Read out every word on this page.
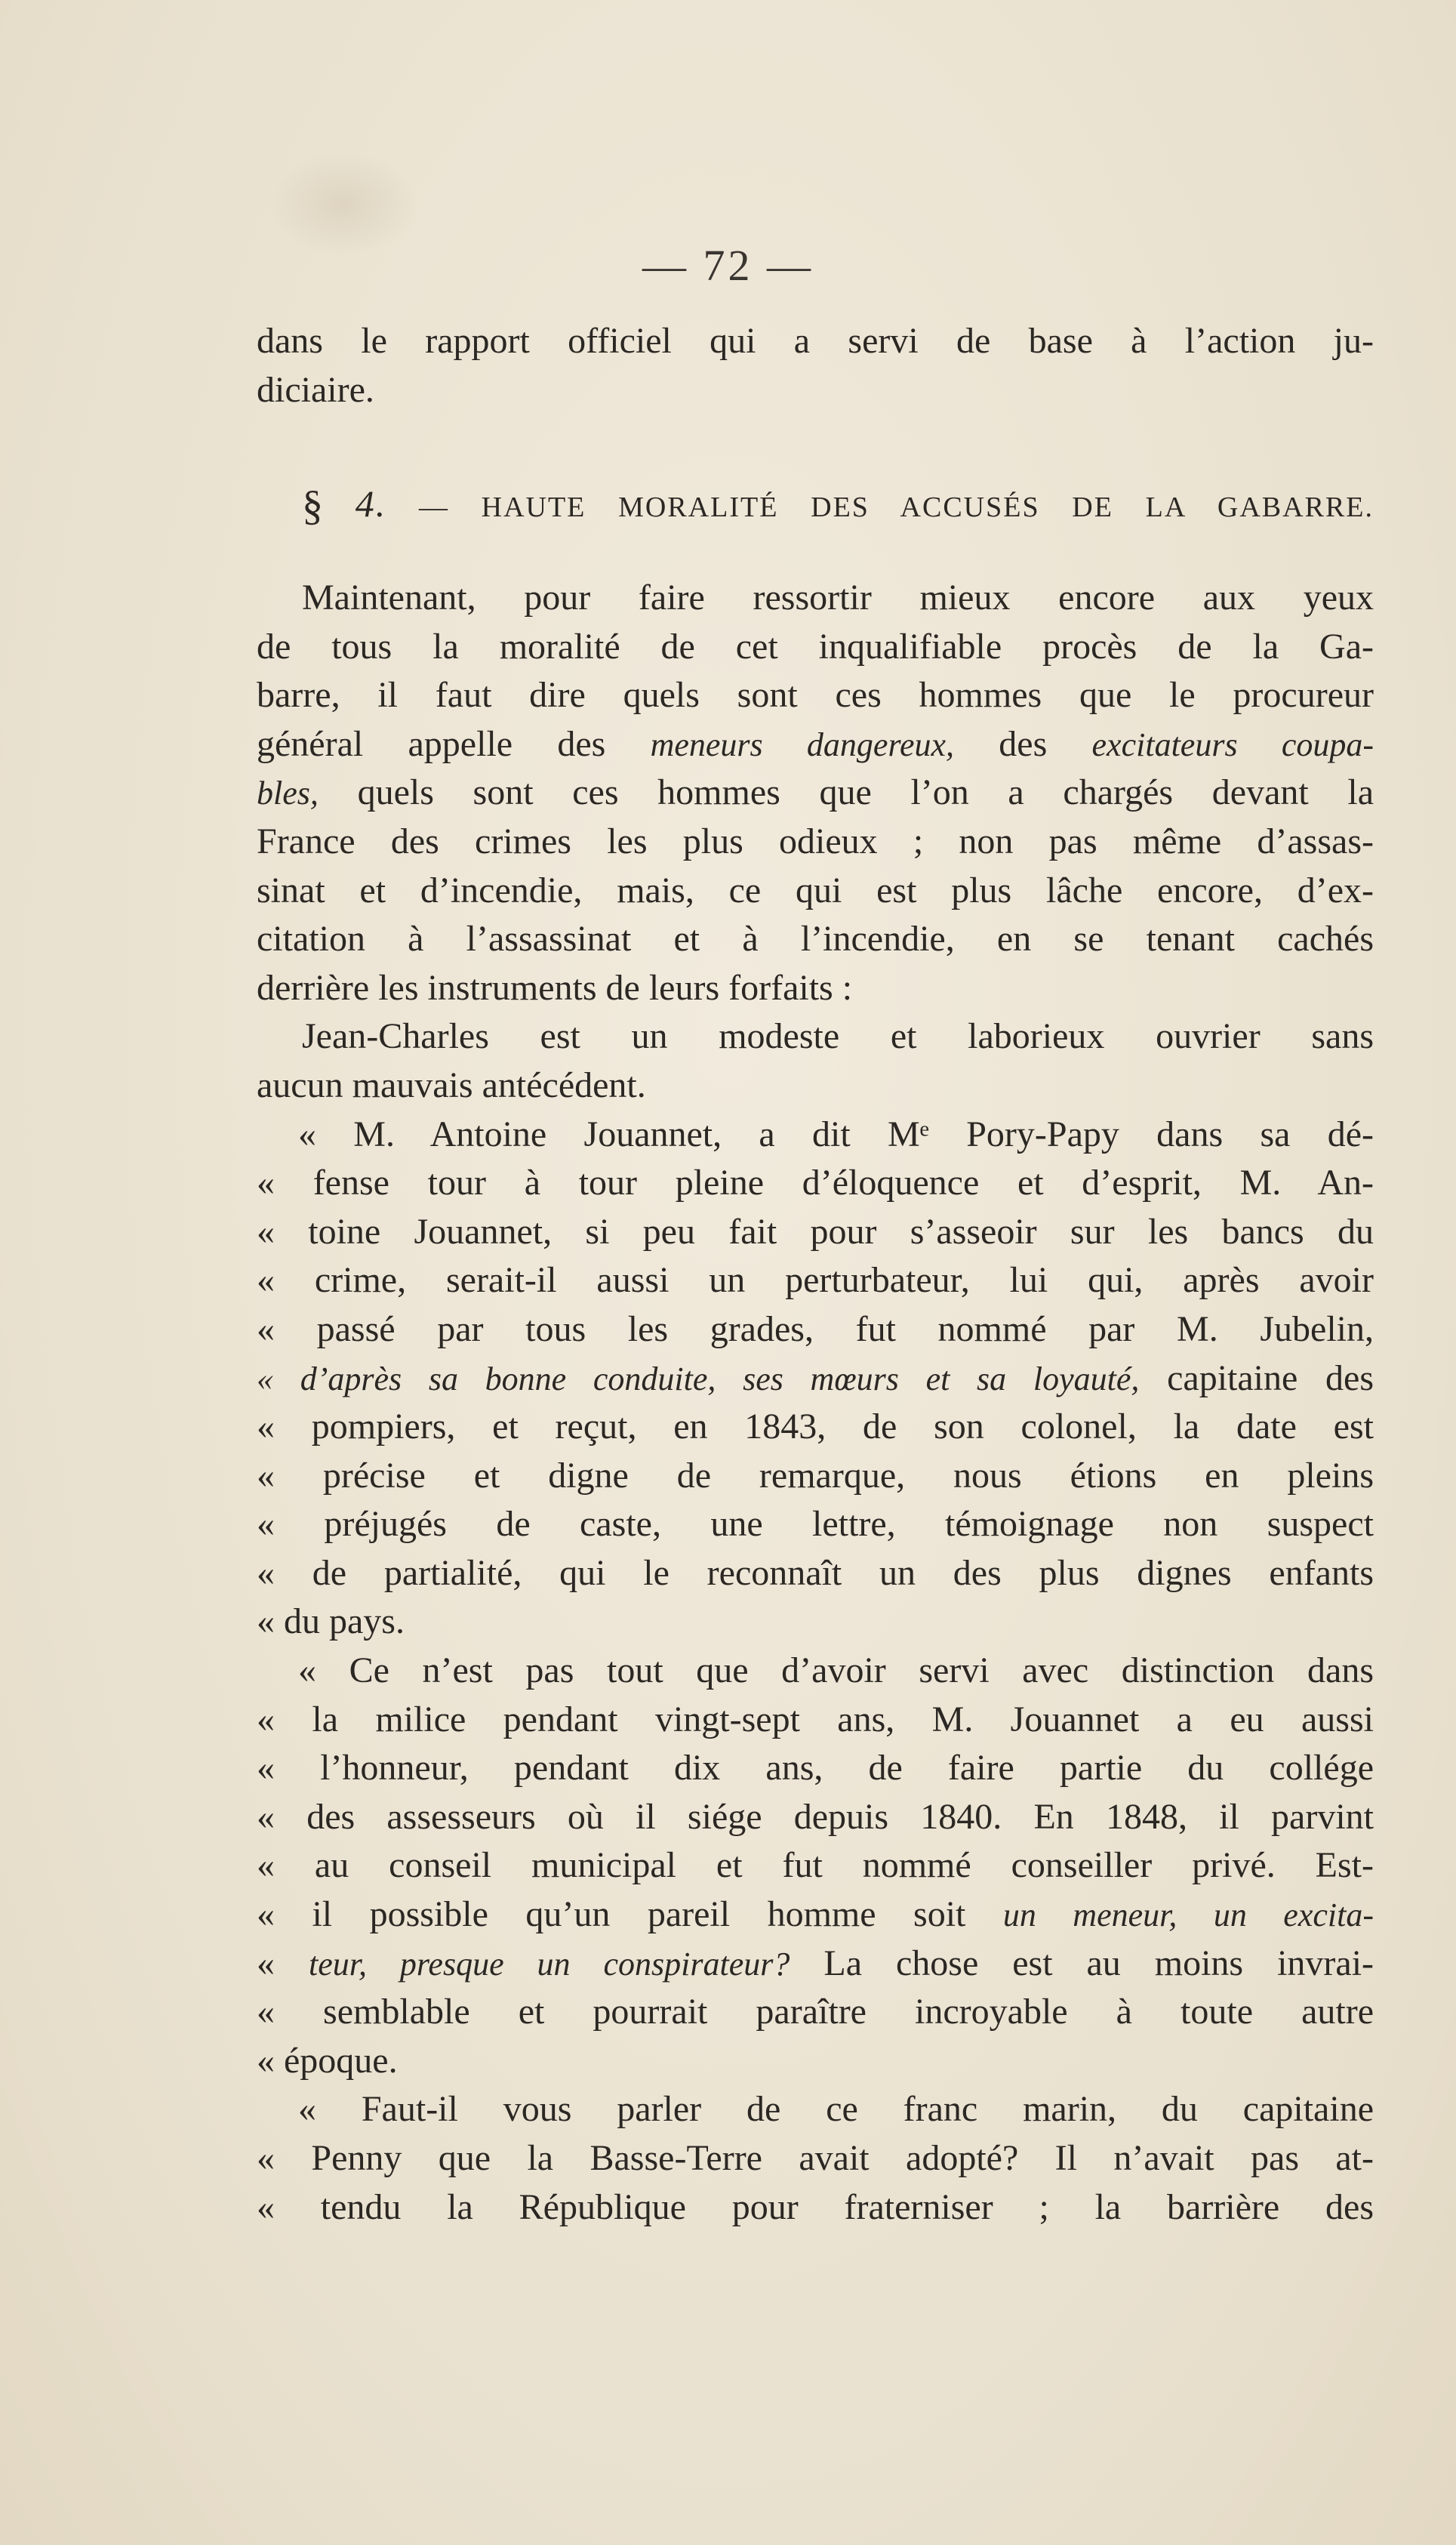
— 72 —
dans le rapport officiel qui a servi de base à l’action ju-
diciaire.
§ 4. — HAUTE MORALITÉ DES ACCUSÉS DE LA GABARRE.
Maintenant, pour faire ressortir mieux encore aux yeux
de tous la moralité de cet inqualifiable procès de la Ga-
barre, il faut dire quels sont ces hommes que le procureur
général appelle des meneurs dangereux, des excitateurs coupa-
bles, quels sont ces hommes que l’on a chargés devant la
France des crimes les plus odieux ; non pas même d’assas-
sinat et d’incendie, mais, ce qui est plus lâche encore, d’ex-
citation à l’assassinat et à l’incendie, en se tenant cachés
derrière les instruments de leurs forfaits :
Jean-Charles est un modeste et laborieux ouvrier sans
aucun mauvais antécédent.
« M. Antoine Jouannet, a dit Mᵉ Pory-Papy dans sa dé-
« fense tour à tour pleine d’éloquence et d’esprit, M. An-
« toine Jouannet, si peu fait pour s’asseoir sur les bancs du
« crime, serait-il aussi un perturbateur, lui qui, après avoir
« passé par tous les grades, fut nommé par M. Jubelin,
« d’après sa bonne conduite, ses mœurs et sa loyauté, capitaine des
« pompiers, et reçut, en 1843, de son colonel, la date est
« précise et digne de remarque, nous étions en pleins
« préjugés de caste, une lettre, témoignage non suspect
« de partialité, qui le reconnaît un des plus dignes enfants
« du pays.
« Ce n’est pas tout que d’avoir servi avec distinction dans
« la milice pendant vingt-sept ans, M. Jouannet a eu aussi
« l’honneur, pendant dix ans, de faire partie du collége
« des assesseurs où il siége depuis 1840. En 1848, il parvint
« au conseil municipal et fut nommé conseiller privé. Est-
« il possible qu’un pareil homme soit un meneur, un excita-
« teur, presque un conspirateur? La chose est au moins invrai-
« semblable et pourrait paraître incroyable à toute autre
« époque.
« Faut-il vous parler de ce franc marin, du capitaine
« Penny que la Basse-Terre avait adopté? Il n’avait pas at-
« tendu la République pour fraterniser ; la barrière des
